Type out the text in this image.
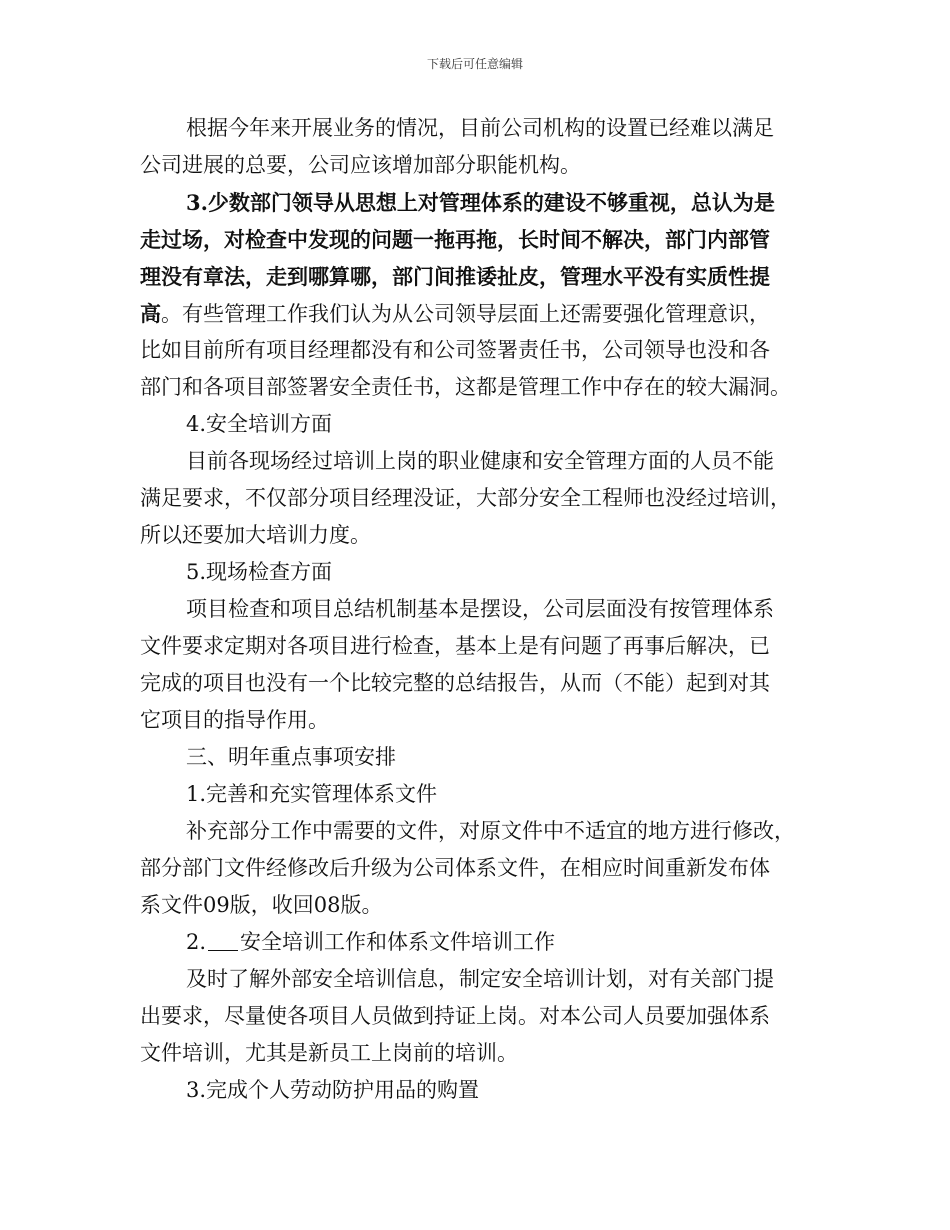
下载后可任意编辑
根据今年来开展业务的情况，目前公司机构的设置已经难以满足
公司进展的总要，公司应该增加部分职能机构。
3.少数部门领导从思想上对管理体系的建设不够重视，总认为是
走过场，对检查中发现的问题一拖再拖，长时间不解决，部门内部管
理没有章法，走到哪算哪，部门间推诿扯皮，管理水平没有实质性提
高。有些管理工作我们认为从公司领导层面上还需要强化管理意识，
比如目前所有项目经理都没有和公司签署责任书，公司领导也没和各
部门和各项目部签署安全责任书，这都是管理工作中存在的较大漏洞。
4.安全培训方面
目前各现场经过培训上岗的职业健康和安全管理方面的人员不能
满足要求，不仅部分项目经理没证，大部分安全工程师也没经过培训，
所以还要加大培训力度。
5.现场检查方面
项目检查和项目总结机制基本是摆设，公司层面没有按管理体系
文件要求定期对各项目进行检查，基本上是有问题了再事后解决，已
完成的项目也没有一个比较完整的总结报告，从而（不能）起到对其
它项目的指导作用。
三、明年重点事项安排
1.完善和充实管理体系文件
补充部分工作中需要的文件，对原文件中不适宜的地方进行修改，
部分部门文件经修改后升级为公司体系文件，在相应时间重新发布体
系文件09版，收回08版。
2. 安全培训工作和体系文件培训工作
及时了解外部安全培训信息，制定安全培训计划，对有关部门提
出要求，尽量使各项目人员做到持证上岗。对本公司人员要加强体系
文件培训，尤其是新员工上岗前的培训。
3.完成个人劳动防护用品的购置
